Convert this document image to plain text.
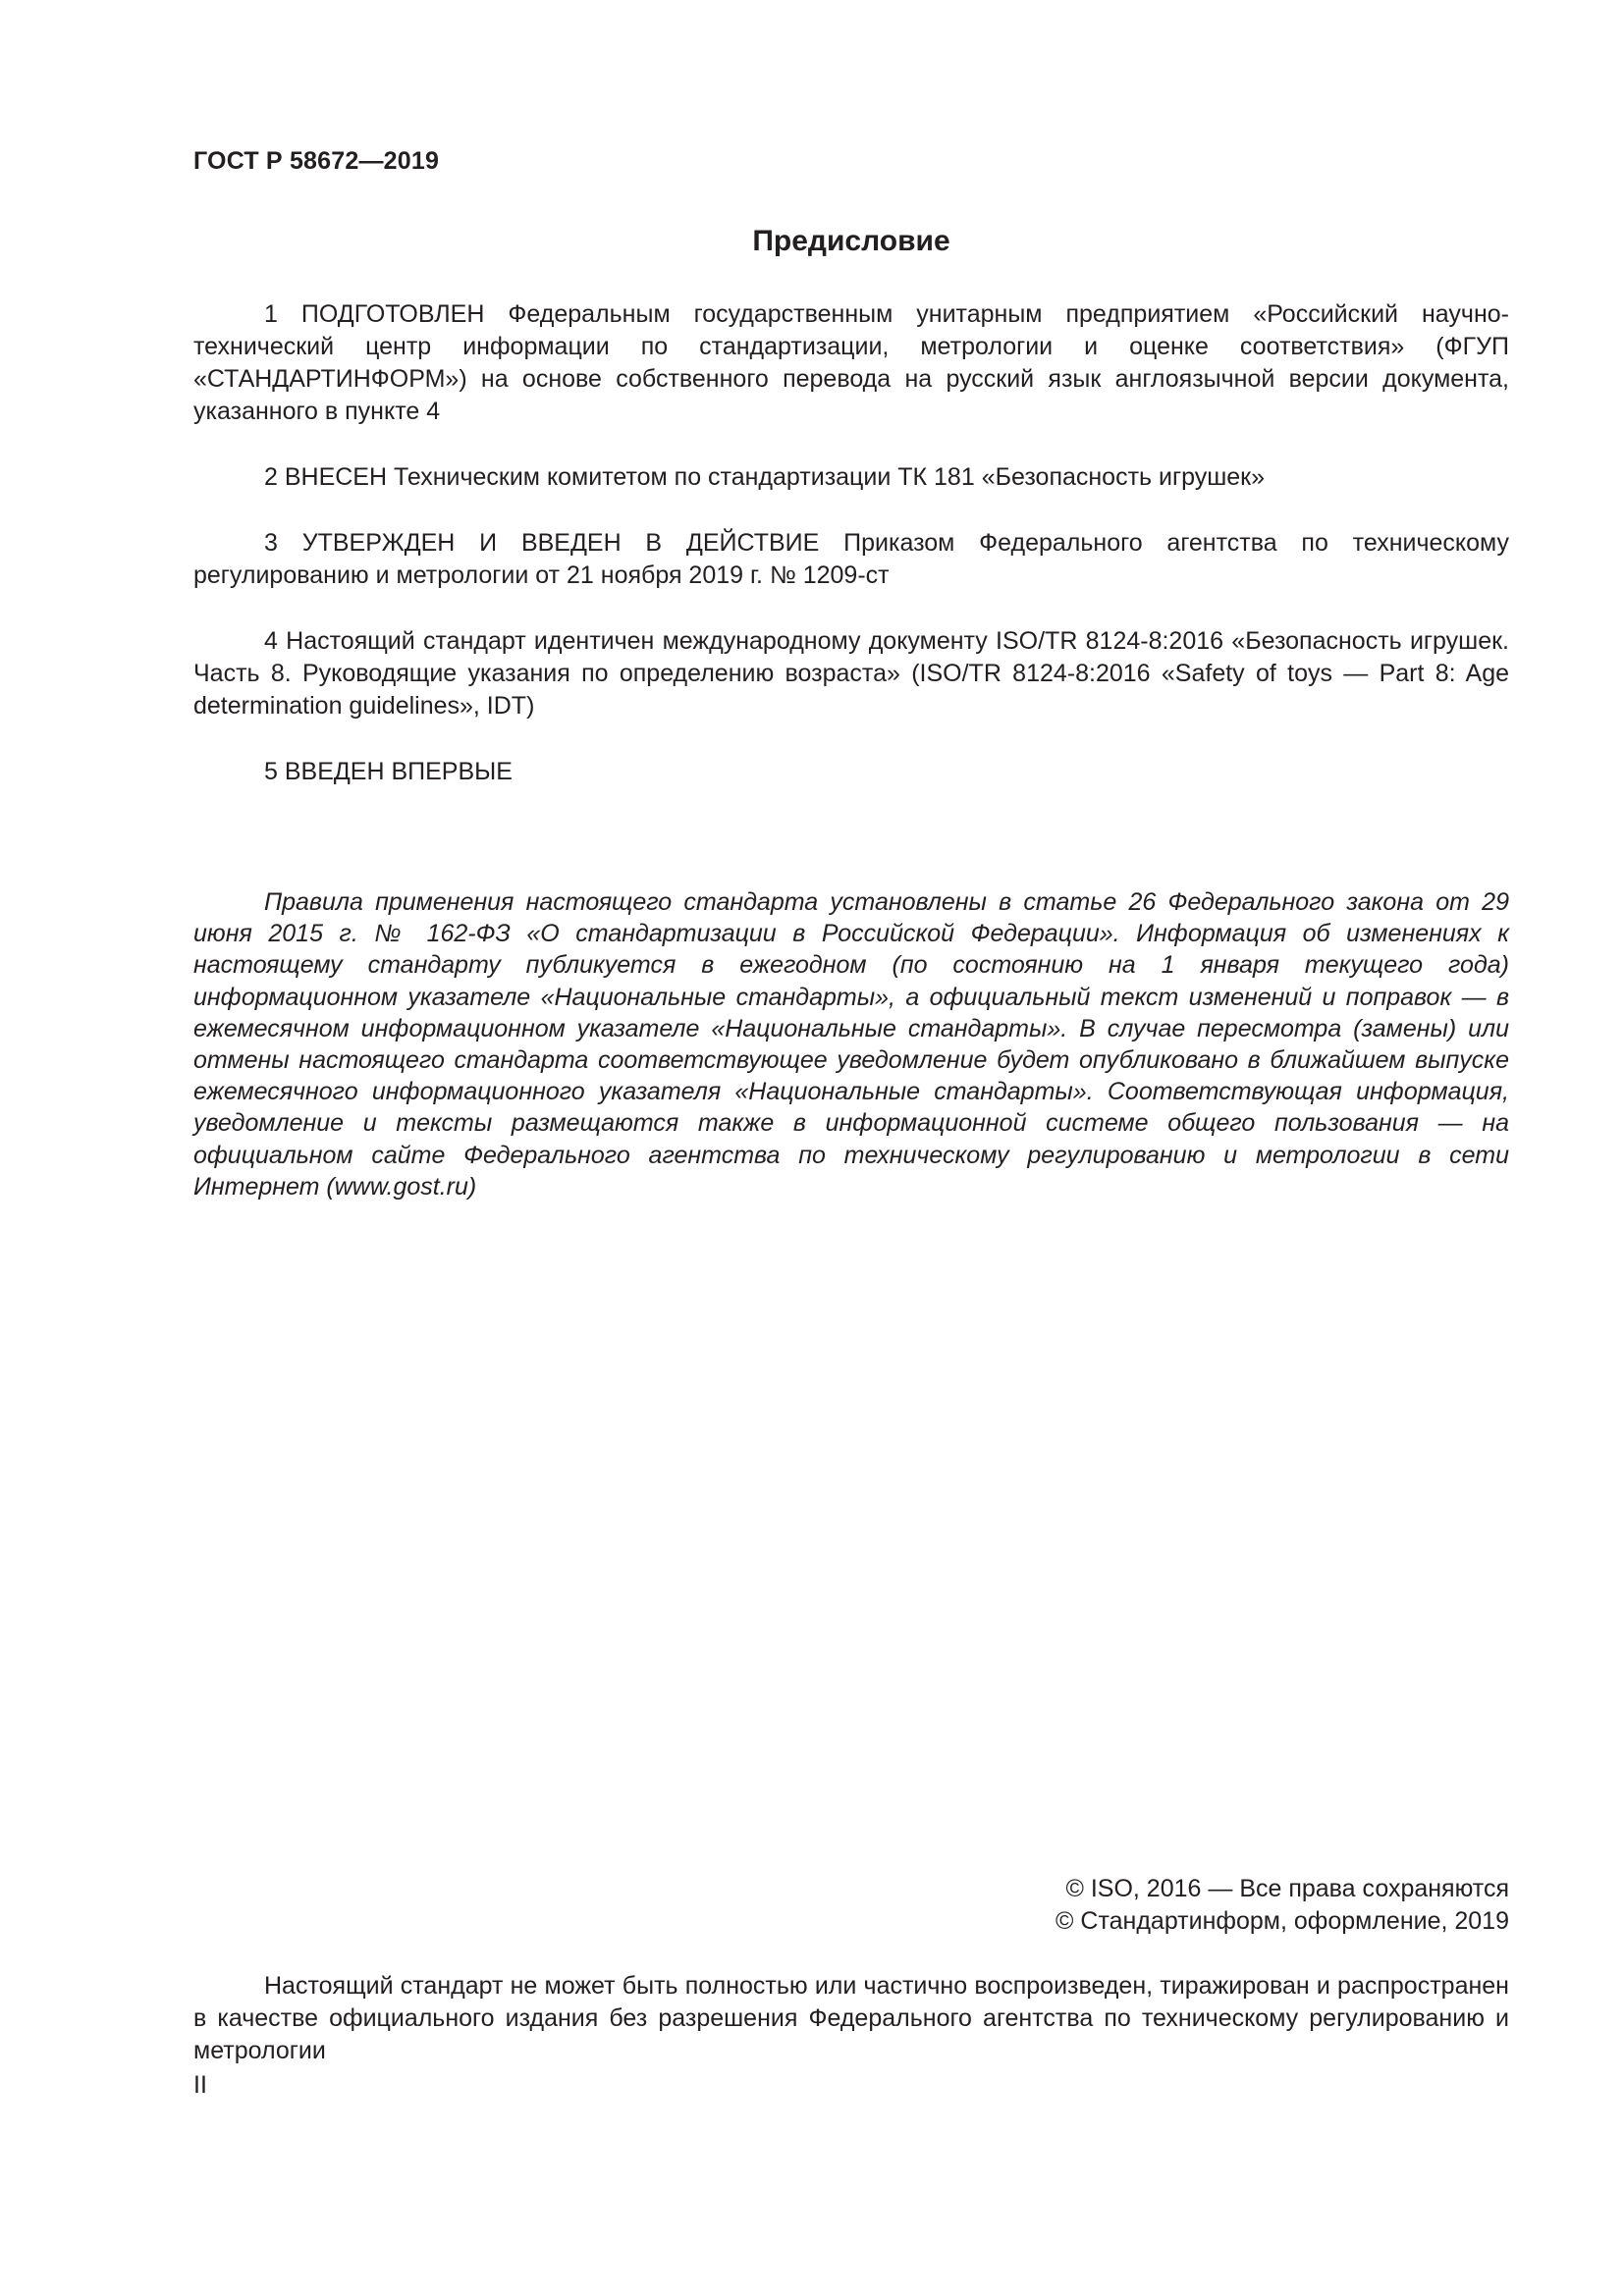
ГОСТ Р 58672—2019
Предисловие
1 ПОДГОТОВЛЕН Федеральным государственным унитарным предприятием «Российский научно-технический центр информации по стандартизации, метрологии и оценке соответствия» (ФГУП «СТАНДАРТИНФОРМ») на основе собственного перевода на русский язык англоязычной версии документа, указанного в пункте 4
2 ВНЕСЕН Техническим комитетом по стандартизации ТК 181 «Безопасность игрушек»
3 УТВЕРЖДЕН И ВВЕДЕН В ДЕЙСТВИЕ Приказом Федерального агентства по техническому регулированию и метрологии от 21 ноября 2019 г. № 1209-ст
4 Настоящий стандарт идентичен международному документу ISO/TR 8124-8:2016 «Безопасность игрушек. Часть 8. Руководящие указания по определению возраста» (ISO/TR 8124-8:2016 «Safety of toys — Part 8: Age determination guidelines», IDT)
5 ВВЕДЕН ВПЕРВЫЕ
Правила применения настоящего стандарта установлены в статье 26 Федерального закона от 29 июня 2015 г. № 162-ФЗ «О стандартизации в Российской Федерации». Информация об изменениях к настоящему стандарту публикуется в ежегодном (по состоянию на 1 января текущего года) информационном указателе «Национальные стандарты», а официальный текст изменений и поправок — в ежемесячном информационном указателе «Национальные стандарты». В случае пересмотра (замены) или отмены настоящего стандарта соответствующее уведомление будет опубликовано в ближайшем выпуске ежемесячного информационного указателя «Национальные стандарты». Соответствующая информация, уведомление и тексты размещаются также в информационной системе общего пользования — на официальном сайте Федерального агентства по техническому регулированию и метрологии в сети Интернет (www.gost.ru)
© ISO, 2016 — Все права сохраняются
© Стандартинформ, оформление, 2019
Настоящий стандарт не может быть полностью или частично воспроизведен, тиражирован и распространен в качестве официального издания без разрешения Федерального агентства по техническому регулированию и метрологии
II
